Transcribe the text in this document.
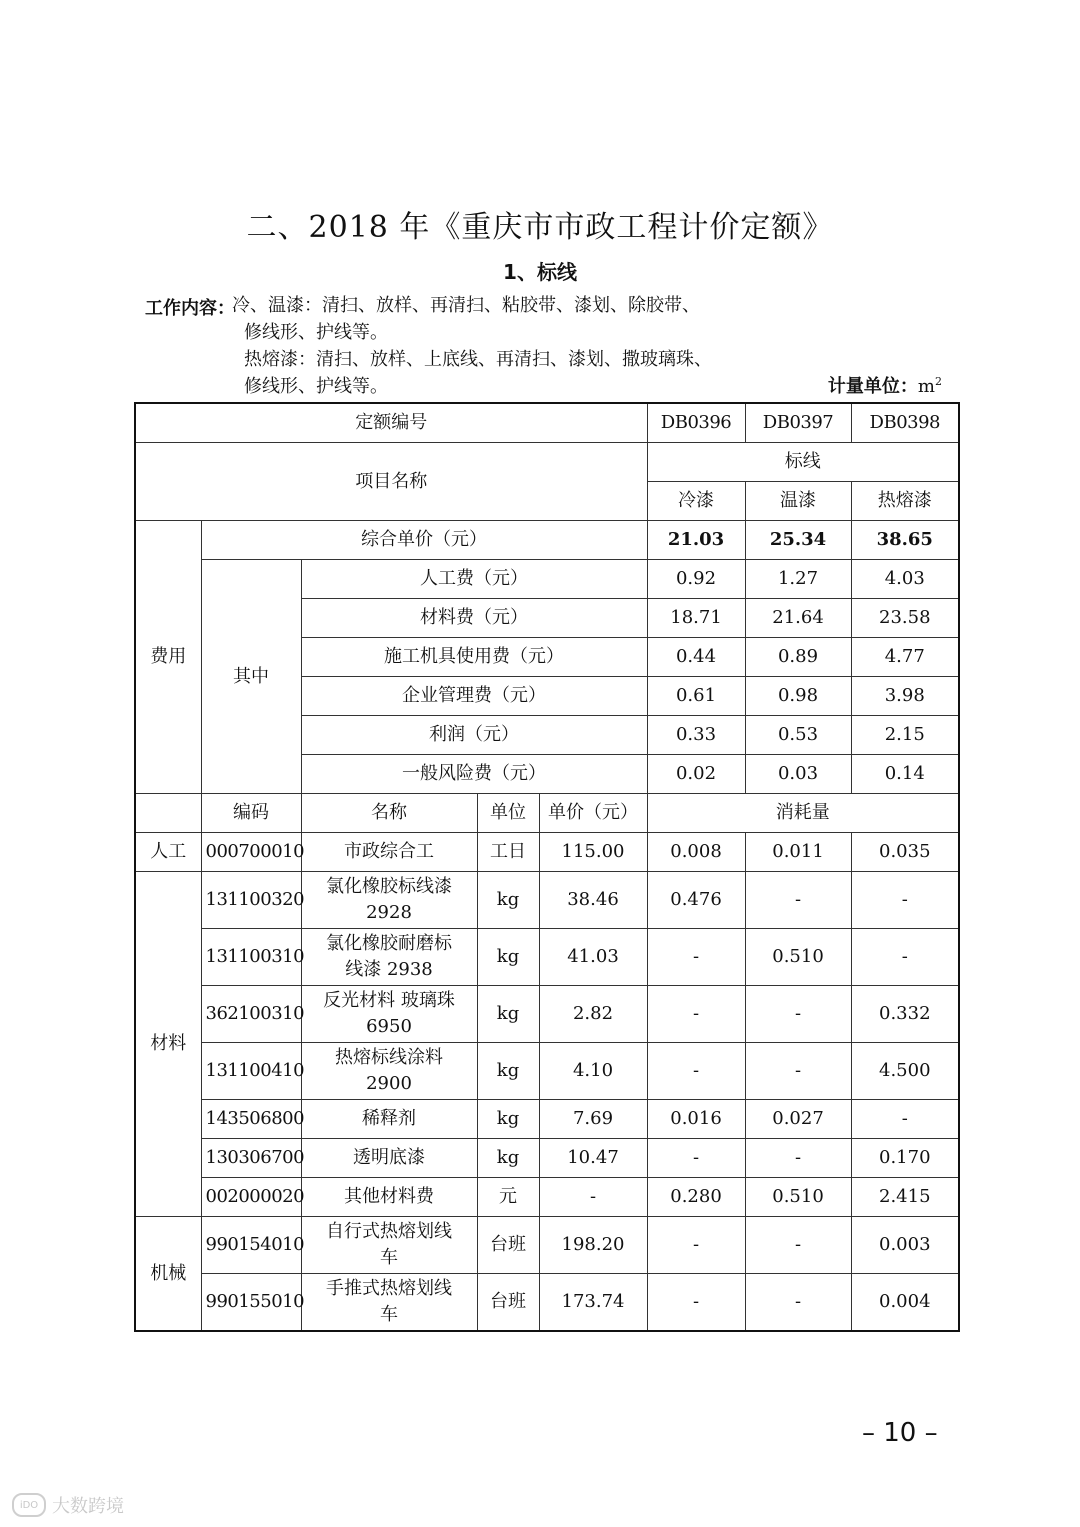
二、2018 年《重庆市市政工程计价定额》
1、标线
工作内容：
冷、温漆：清扫、放样、再清扫、粘胶带、漆划、除胶带、
修线形、护线等。
热熔漆：清扫、放样、上底线、再清扫、漆划、撒玻璃珠、
修线形、护线等。	计量单位：$m^2$
定额编号					DB0396	DB0397	DB0398
项目名称					标线		
					冷漆	温漆	热熔漆
费用	综合单价（元）				21.03	25.34	38.65
	其中	人工费（元）			0.92	1.27	4.03
		材料费（元）			18.71	21.64	23.58
		施工机具使用费（元）			0.44	0.89	4.77
		企业管理费（元）			0.61	0.98	3.98
		利润（元）			0.33	0.53	2.15
		一般风险费（元）			0.02	0.03	0.14
	编码	名称	单位	单价（元）	消耗量		
人工	000700010	市政综合工	工日	115.00	0.008	0.011	0.035
材料	131100320	氯化橡胶标线漆
2928	kg	38.46	0.476	-	-
	131100310	氯化橡胶耐磨标
线漆 2938	kg	41.03	-	0.510	-
	362100310	反光材料 玻璃珠
6950	kg	2.82	-	-	0.332
	131100410	热熔标线涂料
2900	kg	4.10	-	-	4.500
	143506800	稀释剂	kg	7.69	0.016	0.027	-
	130306700	透明底漆	kg	10.47	-	-	0.170
	002000020	其他材料费	元	-	0.280	0.510	2.415
机械	990154010	自行式热熔划线
车	台班	198.20	-	-	0.003
	990155010	手推式热熔划线
车	台班	173.74	-	-	0.004
– 10 –
iDO 大数跨境
